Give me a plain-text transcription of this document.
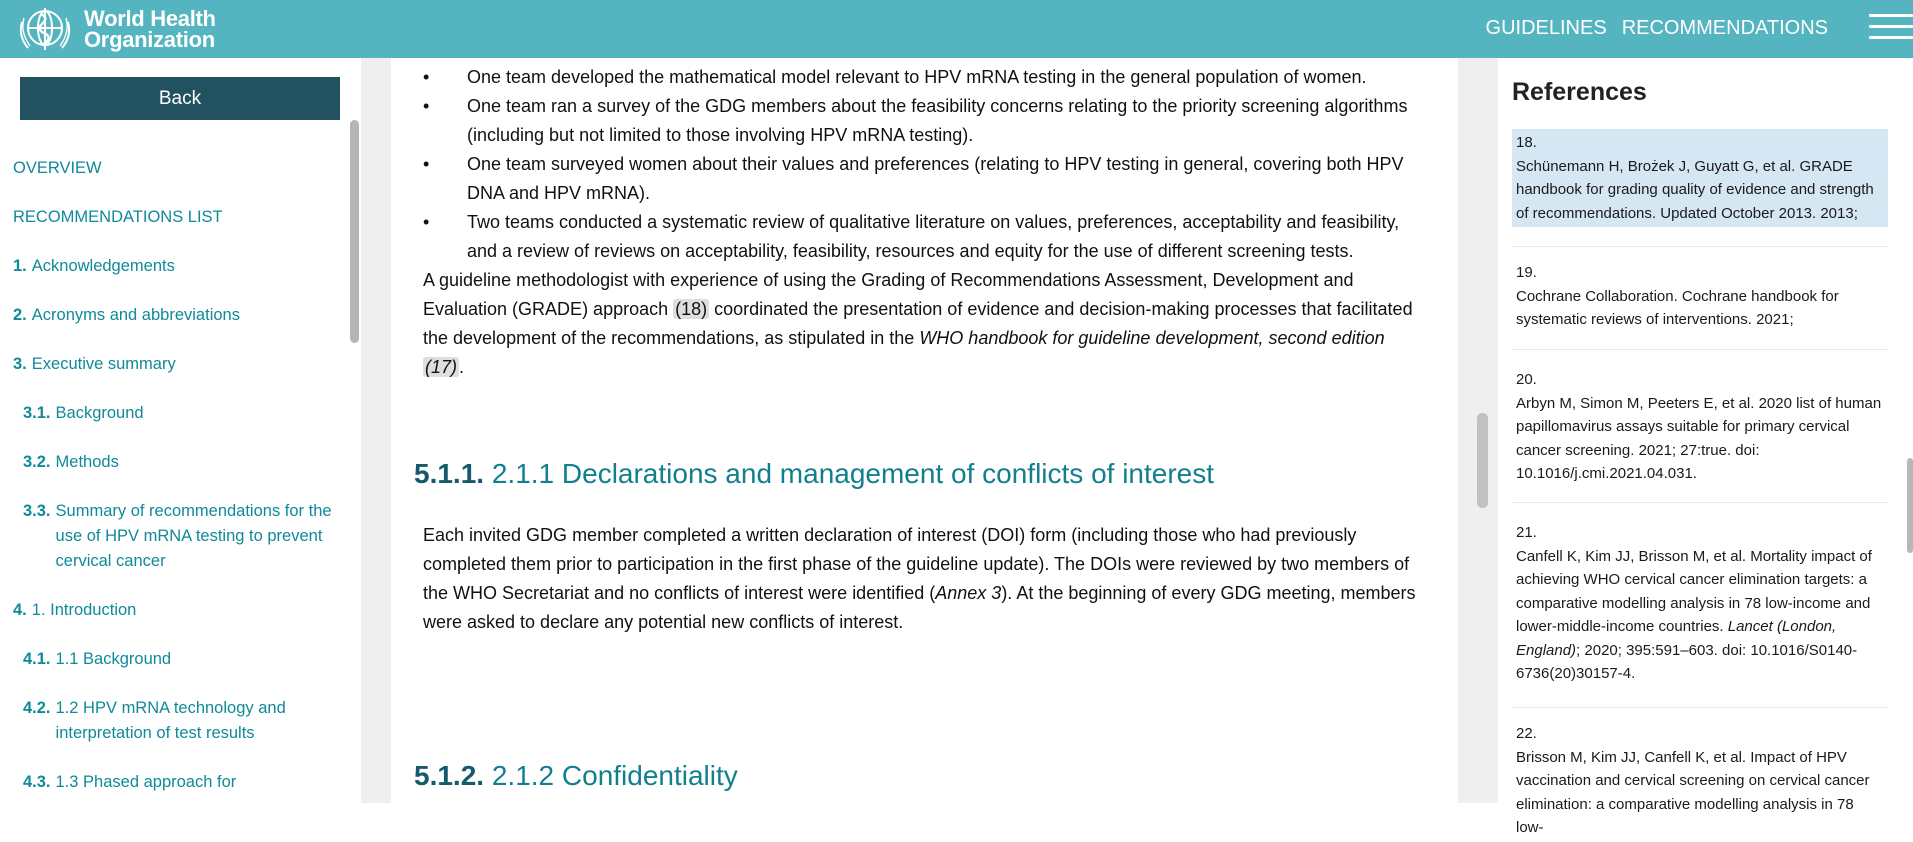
World Health
Organization	GUIDELINES RECOMMENDATIONS
Back
OVERVIEW
RECOMMENDATIONS LIST
1. Acknowledgements
2. Acronyms and abbreviations
3. Executive summary
3.1. Background
3.2. Methods
3.3. Summary of recommendations for the use of HPV mRNA testing to prevent cervical cancer
4. 1. Introduction
4.1. 1.1 Background
4.2. 1.2 HPV mRNA technology and interpretation of test results
4.3. 1.3 Phased approach for
•	One team developed the mathematical model relevant to HPV mRNA testing in the general population of women.
•	One team ran a survey of the GDG members about the feasibility concerns relating to the priority screening algorithms (including but not limited to those involving HPV mRNA testing).
•	One team surveyed women about their values and preferences (relating to HPV testing in general, covering both HPV DNA and HPV mRNA).
•	Two teams conducted a systematic review of qualitative literature on values, preferences, acceptability and feasibility, and a review of reviews on acceptability, feasibility, resources and equity for the use of different screening tests.

A guideline methodologist with experience of using the Grading of Recommendations Assessment, Development and Evaluation (GRADE) approach (18) coordinated the presentation of evidence and decision-making processes that facilitated the development of the recommendations, as stipulated in the WHO handbook for guideline development, second edition (17) .

5.1.1. 2.1.1 Declarations and management of conflicts of interest

Each invited GDG member completed a written declaration of interest (DOI) form (including those who had previously completed them prior to participation in the first phase of the guideline update). The DOIs were reviewed by two members of the WHO Secretariat and no conflicts of interest were identified (Annex 3). At the beginning of every GDG meeting, members were asked to declare any potential new conflicts of interest.

5.1.2. 2.1.2 Confidentiality
References
18.
Schünemann H, Brożek J, Guyatt G, et al. GRADE handbook for grading quality of evidence and strength of recommendations. Updated October 2013. 2013;
19.
Cochrane Collaboration. Cochrane handbook for systematic reviews of interventions. 2021;
20.
Arbyn M, Simon M, Peeters E, et al. 2020 list of human papillomavirus assays suitable for primary cervical cancer screening. 2021; 27:true. doi: 10.1016/j.cmi.2021.04.031.
21.
Canfell K, Kim JJ, Brisson M, et al. Mortality impact of achieving WHO cervical cancer elimination targets: a comparative modelling analysis in 78 low-income and lower-middle-income countries. Lancet (London, England); 2020; 395:591–603. doi: 10.1016/S0140-6736(20)30157-4.
22.
Brisson M, Kim JJ, Canfell K, et al. Impact of HPV vaccination and cervical screening on cervical cancer elimination: a comparative modelling analysis in 78 low-
